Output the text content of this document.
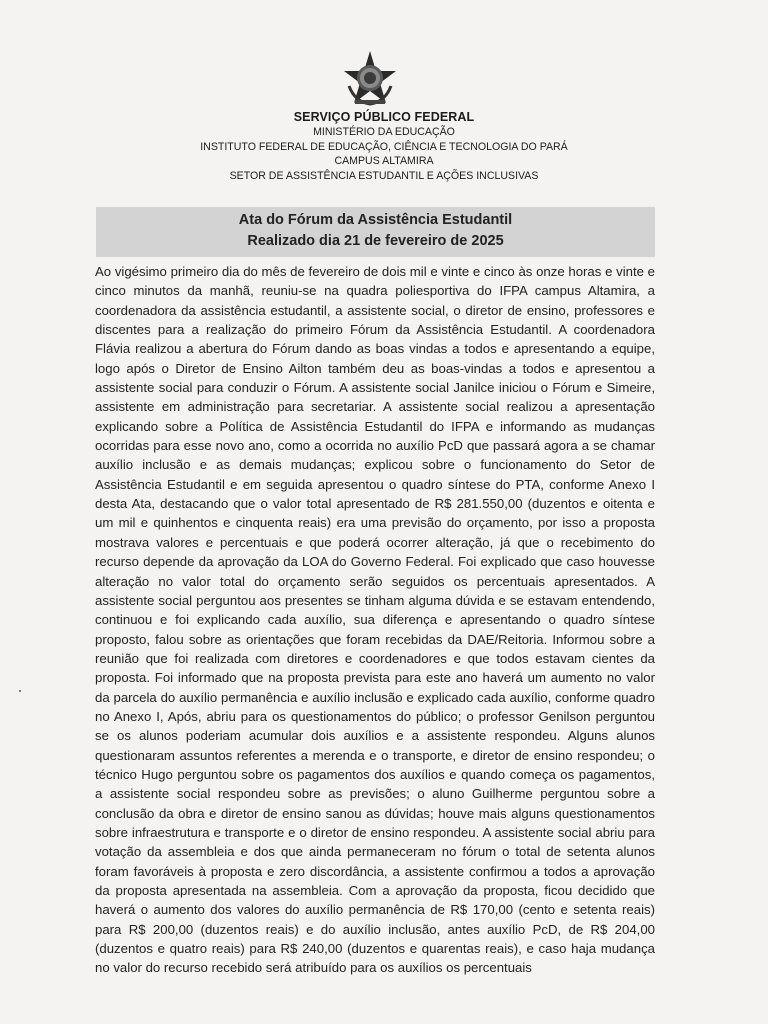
SERVIÇO PÚBLICO FEDERAL
MINISTÉRIO DA EDUCAÇÃO
INSTITUTO FEDERAL DE EDUCAÇÃO, CIÊNCIA E TECNOLOGIA DO PARÁ
CAMPUS ALTAMIRA
SETOR DE ASSISTÊNCIA ESTUDANTIL E AÇÕES INCLUSIVAS
Ata do Fórum da Assistência Estudantil
Realizado dia 21 de fevereiro de 2025
Ao vigésimo primeiro dia do mês de fevereiro de dois mil e vinte e cinco às onze horas e vinte e cinco minutos da manhã, reuniu-se na quadra poliesportiva do IFPA campus Altamira, a coordenadora da assistência estudantil, a assistente social, o diretor de ensino, professores e discentes para a realização do primeiro Fórum da Assistência Estudantil. A coordenadora Flávia realizou a abertura do Fórum dando as boas vindas a todos e apresentando a equipe, logo após o Diretor de Ensino Ailton também deu as boas-vindas a todos e apresentou a assistente social para conduzir o Fórum. A assistente social Janilce iniciou o Fórum e Simeire, assistente em administração para secretariar. A assistente social realizou a apresentação explicando sobre a Política de Assistência Estudantil do IFPA e informando as mudanças ocorridas para esse novo ano, como a ocorrida no auxílio PcD que passará agora a se chamar auxílio inclusão e as demais mudanças; explicou sobre o funcionamento do Setor de Assistência Estudantil e em seguida apresentou o quadro síntese do PTA, conforme Anexo I desta Ata, destacando que o valor total apresentado de R$ 281.550,00 (duzentos e oitenta e um mil e quinhentos e cinquenta reais) era uma previsão do orçamento, por isso a proposta mostrava valores e percentuais e que poderá ocorrer alteração, já que o recebimento do recurso depende da aprovação da LOA do Governo Federal. Foi explicado que caso houvesse alteração no valor total do orçamento serão seguidos os percentuais apresentados. A assistente social perguntou aos presentes se tinham alguma dúvida e se estavam entendendo, continuou e foi explicando cada auxílio, sua diferença e apresentando o quadro síntese proposto, falou sobre as orientações que foram recebidas da DAE/Reitoria. Informou sobre a reunião que foi realizada com diretores e coordenadores e que todos estavam cientes da proposta. Foi informado que na proposta prevista para este ano haverá um aumento no valor da parcela do auxílio permanência e auxílio inclusão e explicado cada auxílio, conforme quadro no Anexo I, Após, abriu para os questionamentos do público; o professor Genilson perguntou se os alunos poderiam acumular dois auxílios e a assistente respondeu. Alguns alunos questionaram assuntos referentes a merenda e o transporte, e diretor de ensino respondeu; o técnico Hugo perguntou sobre os pagamentos dos auxílios e quando começa os pagamentos, a assistente social respondeu sobre as previsões; o aluno Guilherme perguntou sobre a conclusão da obra e diretor de ensino sanou as dúvidas; houve mais alguns questionamentos sobre infraestrutura e transporte e o diretor de ensino respondeu. A assistente social abriu para votação da assembleia e dos que ainda permaneceram no fórum o total de setenta alunos foram favoráveis à proposta e zero discordância, a assistente confirmou a todos a aprovação da proposta apresentada na assembleia. Com a aprovação da proposta, ficou decidido que haverá o aumento dos valores do auxílio permanência de R$ 170,00 (cento e setenta reais) para R$ 200,00 (duzentos reais) e do auxílio inclusão, antes auxílio PcD, de R$ 204,00 (duzentos e quatro reais) para R$ 240,00 (duzentos e quarentas reais), e caso haja mudança no valor do recurso recebido será atribuído para os auxílios os percentuais
